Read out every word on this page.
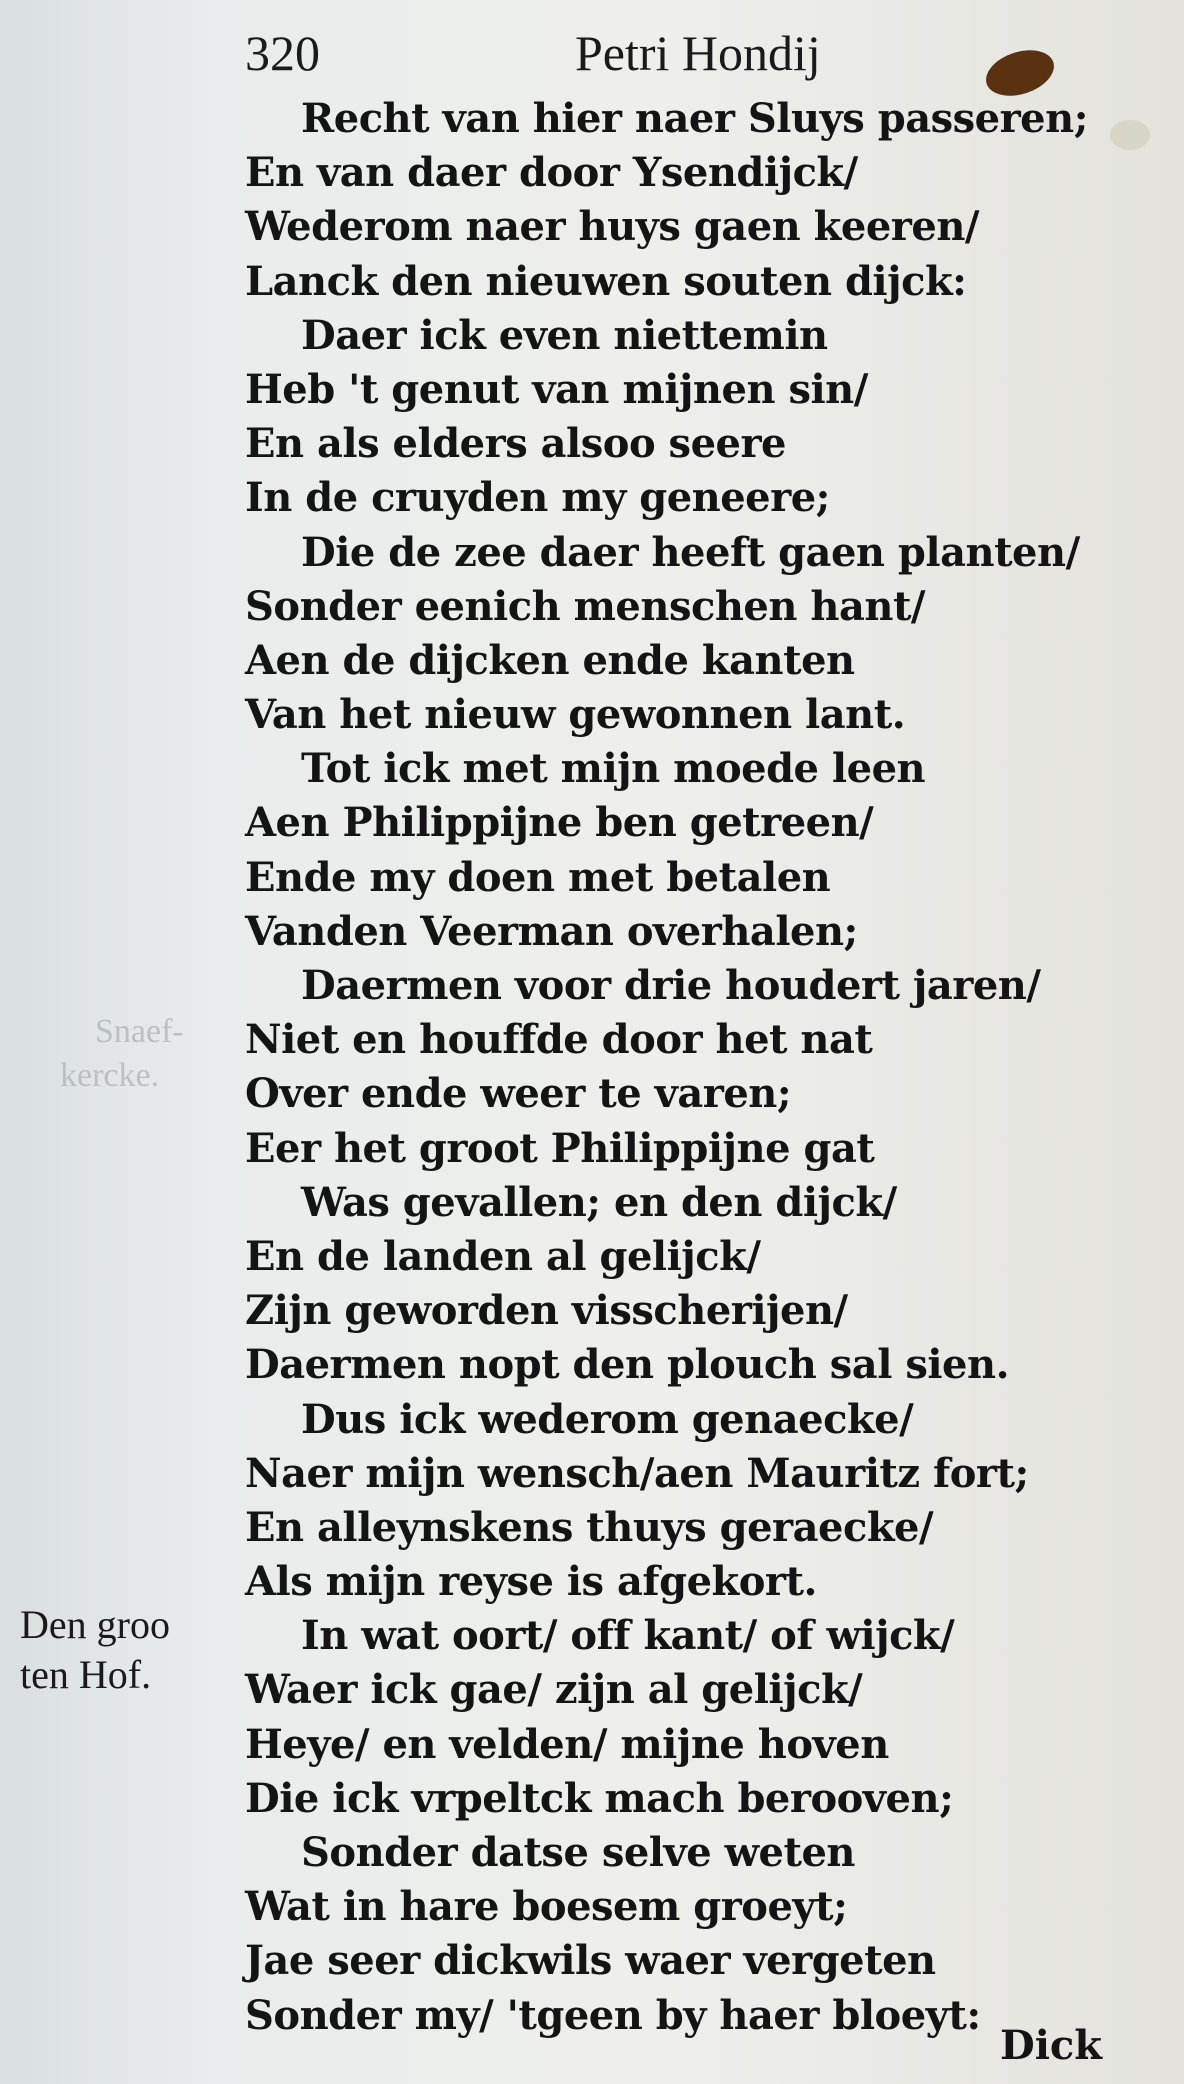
Snaef-
kercke.
320	Petri Hondij
Recht van hier naer Sluys passeren;
En van daer door Ysendijck/
Wederom naer huys gaen keeren/
Lanck den nieuwen souten dijck:
Daer ick even niettemin
Heb 't genut van mijnen sin/
En als elders alsoo seere
In de cruyden my geneere;
Die de zee daer heeft gaen planten/
Sonder eenich menschen hant/
Aen de dijcken ende kanten
Van het nieuw gewonnen lant.
Tot ick met mijn moede leen
Aen Philippijne ben getreen/
Ende my doen met betalen
Vanden Veerman overhalen;
Daermen voor drie houdert jaren/
Niet en houffde door het nat
Over ende weer te varen;
Eer het groot Philippijne gat
Was gevallen; en den dijck/
En de landen al gelijck/
Zijn geworden visscherijen/
Daermen nopt den plouch sal sien.
Dus ick wederom genaecke/
Naer mijn wensch/aen Mauritz fort;
En alleynskens thuys geraecke/
Als mijn reyse is afgekort.
In wat oort/ off kant/ of wijck/
Waer ick gae/ zijn al gelijck/
Heye/ en velden/ mijne hoven
Die ick vrpeltck mach berooven;
Sonder datse selve weten
Wat in hare boesem groeyt;
Jae seer dickwils waer vergeten
Sonder my/ 'tgeen by haer bloeyt:
Den groo
ten Hof.
Dick
